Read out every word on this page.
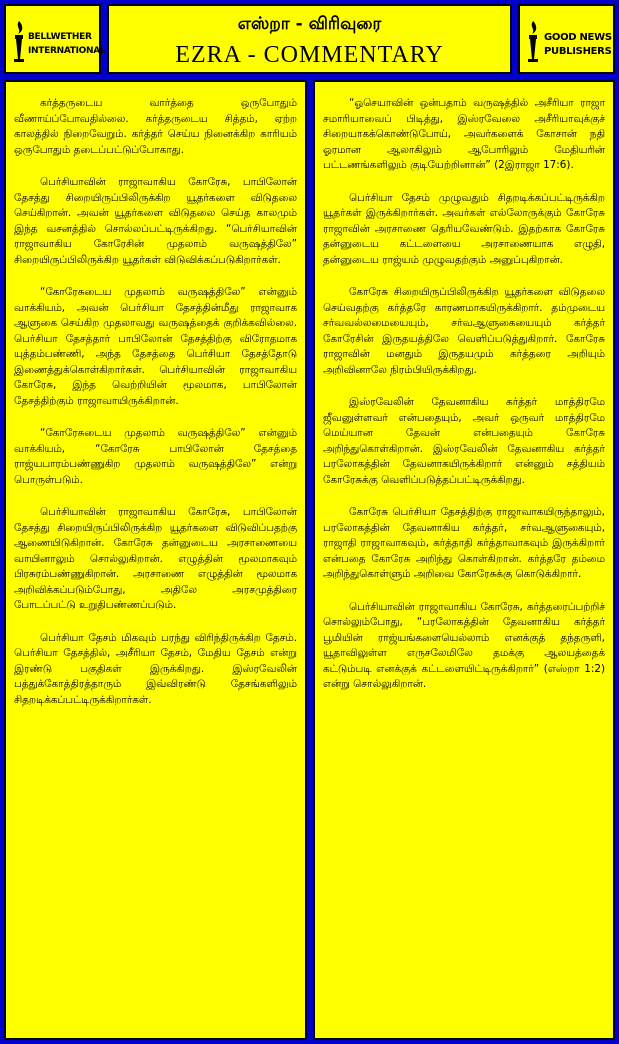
BELLWETHER
INTERNATIONAL
எஸ்றா - விரிவுரை
EZRA - COMMENTARY
GOOD NEWS
PUBLISHERS

கர்த்தருடைய வார்த்தை ஒருபோதும் வீணாய்ப்போவதில்லை. கர்த்தருடைய சித்தம், ஏற்ற காலத்தில் நிறைவேறும். கர்த்தர் செய்ய நினைக்கிற காரியம் ஒருபோதும் தடைப்பட்டுப்போகாது.

பெர்சியாவின் ராஜாவாகிய கோரேசு, பாபிலோன் தேசத்து சிறையிருப்பிலிருக்கிற யூதர்களை விடுதலை செய்கிறான். அவன் யூதர்களை விடுதலை செய்த காலமும் இந்த வசனத்தில் சொல்லப்பட்டிருக்கிறது. “பெர்சியாவின் ராஜாவாகிய கோரேசின் முதலாம் வருஷத்திலே” சிறையிருப்பிலிருக்கிற யூதர்கள் விடுவிக்கப்படுகிறார்கள்.

“கோரேசுடைய முதலாம் வருஷத்திலே” என்னும் வாக்கியம், அவன் பெர்சியா தேசத்தின்மீது ராஜாவாக ஆளுகை செய்கிற முதலாவது வருஷத்தைக் குறிக்கவில்லை. பெர்சியா தேசத்தார் பாபிலோன் தேசத்திற்கு விரோதமாக யுத்தம்பண்ணி, அந்த தேசத்தை பெர்சியா தேசத்தோடு இணைத்துக்கொள்கிறார்கள். பெர்சியாவின் ராஜாவாகிய கோரேசு, இந்த வெற்றியின் மூலமாக, பாபிலோன் தேசத்திற்கும் ராஜாவாயிருக்கிறான்.

“கோரேசுடைய முதலாம் வருஷத்திலே” என்னும் வாக்கியம், “கோரேசு பாபிலோன் தேசத்தை ராஜ்யபாரம்பண்ணுகிற முதலாம் வருஷத்திலே” என்று பொருள்படும்.

பெர்சியாவின் ராஜாவாகிய கோரேசு, பாபிலோன் தேசத்து சிறையிருப்பிலிருக்கிற யூதர்களை விடுவிப்பதற்கு ஆணையிடுகிறான். கோரேசு தன்னுடைய அரசாணையை வாயினாலும் சொல்லுகிறான். எழுத்தின் மூலமாகவும் பிரசுரம்பண்ணுகிறான். அரசாணை எழுத்தின் மூலமாக அறிவிக்கப்படும்போது, அதிலே அரசமுத்திரை போடப்பட்டு உறுதிபண்ணப்படும்.

பெர்சியா தேசம் மிகவும் பரந்து விரிந்திருக்கிற தேசம். பெர்சியா தேசத்தில், அசீரியா தேசம், மேதிய தேசம் என்று இரண்டு பகுதிகள் இருக்கிறது. இஸ்ரவேலின் பத்துக்கோத்திரத்தாரும் இவ்விரண்டு தேசங்களிலும் சிதறடிக்கப்பட்டிருக்கிறார்கள்.

“ஓசெயாவின் ஒன்பதாம் வருஷத்தில் அசீரியா ராஜா சமாரியாவைப் பிடித்து, இஸ்ரவேலை அசீரியாவுக்குச் சிறையாகக்கொண்டுபோய், அவர்களைக் கோசான் நதி ஓரமான ஆலாகிலும் ஆபோரிலும் மேதியரின் பட்டணங்களிலும் குடியேற்றினான்” (2இராஜா 17:6).

பெர்சியா தேசம் முழுவதும் சிதறடிக்கப்பட்டிருக்கிற யூதர்கள் இருக்கிறார்கள். அவர்கள் எல்லோருக்கும் கோரேசு ராஜாவின் அரசாணை தெரியவேண்டும். இதற்காக கோரேசு தன்னுடைய கட்டளையை அரசாணையாக எழுதி, தன்னுடைய ராஜ்யம் முழுவதற்கும் அனுப்புகிறான்.

கோரேசு சிறையிருப்பிலிருக்கிற யூதர்களை விடுதலை செய்வதற்கு கர்த்தரே காரணமாகயிருக்கிறார். தம்முடைய சர்வவல்லமையையும், சர்வஆளுகையையும் கர்த்தர் கோரேசின் இருதயத்திலே வெளிப்படுத்துகிறார். கோரேசு ராஜாவின் மனதும் இருதயமும் கர்த்தரை அறியும் அறிவினாலே நிரம்பியிருக்கிறது.

இஸ்ரவேலின் தேவனாகிய கர்த்தர் மாத்திரமே ஜீவனுள்ளவர் என்பதையும், அவர் ஒருவர் மாத்திரமே மெய்யான தேவன் என்பதையும் கோரேசு அறிந்துகொள்கிறான். இஸ்ரவேலின் தேவனாகிய கர்த்தர் பரலோகத்தின் தேவனாகயிருக்கிறார் என்னும் சத்தியம் கோரேசுக்கு வெளிப்படுத்தப்பட்டிருக்கிறது.

கோரேசு பெர்சியா தேசத்திற்கு ராஜாவாகயிருந்தாலும், பரலோகத்தின் தேவனாகிய கர்த்தர், சர்வஆளுகையும், ராஜாதி ராஜாவாகவும், கர்த்தாதி கர்த்தாவாகவும் இருக்கிறார் என்பதை கோரேசு அறிந்து கொள்கிறான். கர்த்தரே தம்மை அறிந்துகொள்ளும் அறிவை கோரேசுக்கு கொடுக்கிறார்.

பெர்சியாவின் ராஜாவாகிய கோரேசு, கர்த்தரைப்பற்றிச் சொல்லும்போது, “பரலோகத்தின் தேவனாகிய கர்த்தர் பூமியின் ராஜ்யங்களையெல்லாம் எனக்குத் தந்தருளி, யூதாவிலுள்ள எருசலேமிலே தமக்கு ஆலயத்தைக் கட்டும்படி எனக்குக் கட்டளையிட்டிருக்கிறார்” (எஸ்றா 1:2) என்று சொல்லுகிறான்.
